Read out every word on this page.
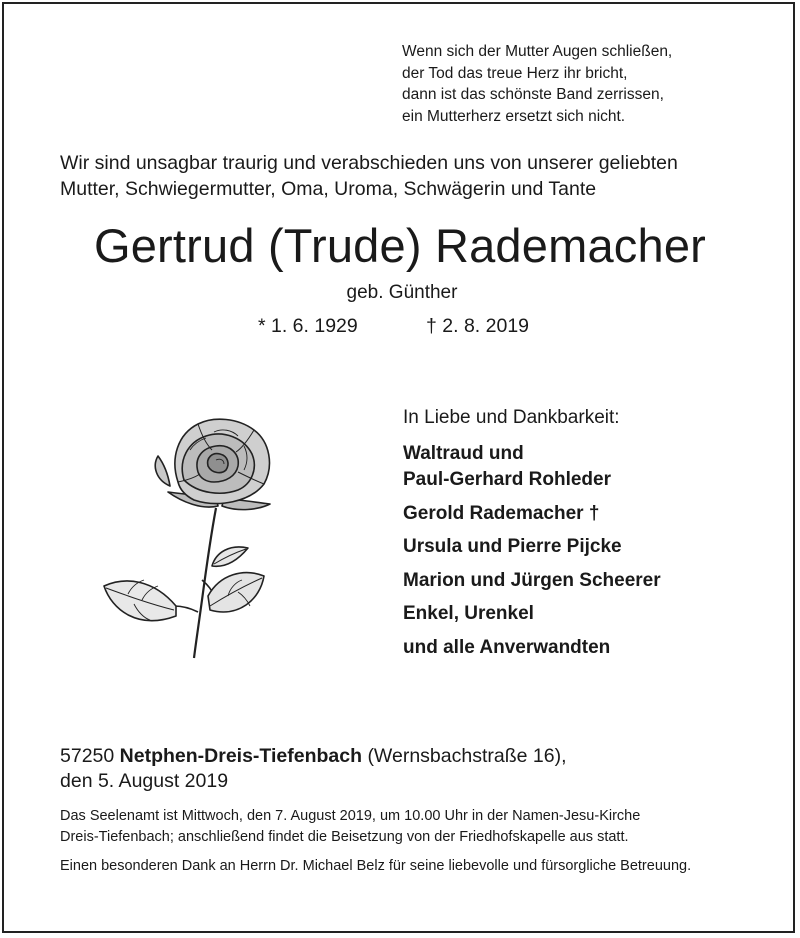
Wenn sich der Mutter Augen schließen,
der Tod das treue Herz ihr bricht,
dann ist das schönste Band zerrissen,
ein Mutterherz ersetzt sich nicht.
Wir sind unsagbar traurig und verabschieden uns von unserer geliebten
Mutter, Schwiegermutter, Oma, Uroma, Schwägerin und Tante
Gertrud (Trude) Rademacher
geb. Günther
* 1. 6. 1929	† 2. 8. 2019
In Liebe und Dankbarkeit:
Waltraud und
Paul-Gerhard Rohleder
Gerold Rademacher †
Ursula und Pierre Pijcke
Marion und Jürgen Scheerer
Enkel, Urenkel
und alle Anverwandten
57250 Netphen-Dreis-Tiefenbach (Wernsbachstraße 16),
den 5. August 2019
Das Seelenamt ist Mittwoch, den 7. August 2019, um 10.00 Uhr in der Namen-Jesu-Kirche
Dreis-Tiefenbach; anschließend findet die Beisetzung von der Friedhofskapelle aus statt.
Einen besonderen Dank an Herrn Dr. Michael Belz für seine liebevolle und fürsorgliche Betreuung.
